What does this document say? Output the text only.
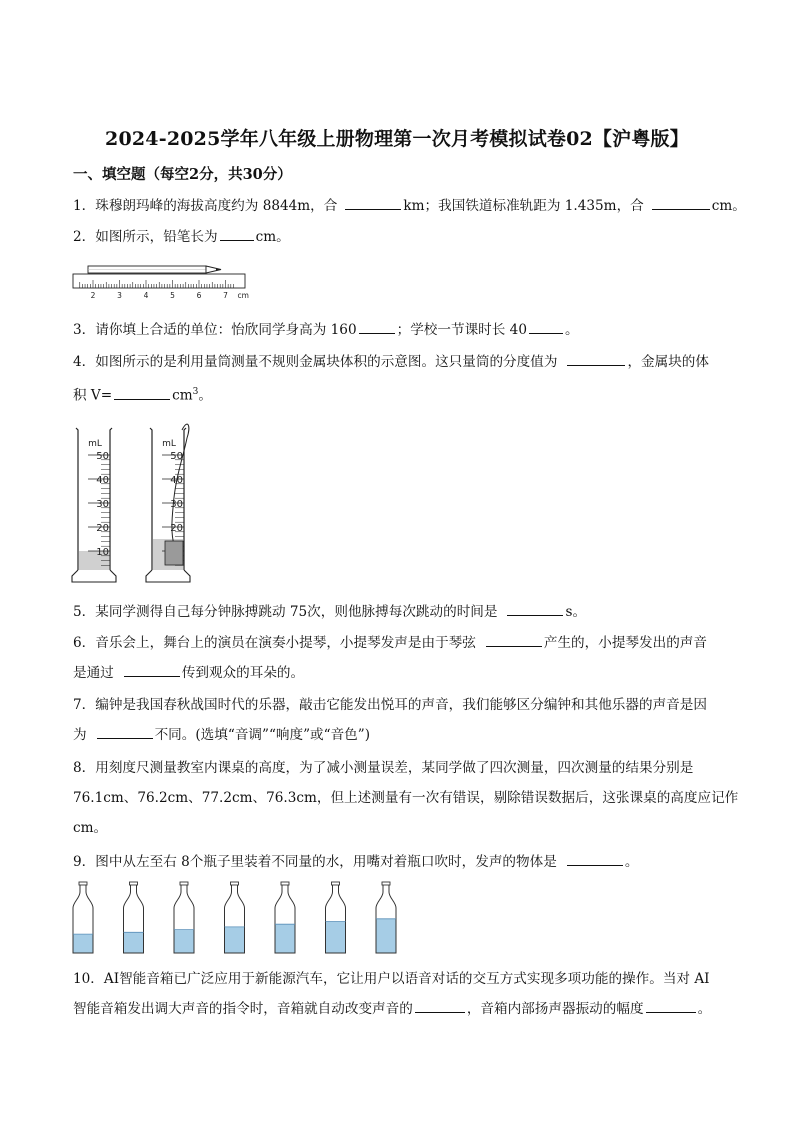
2024-2025学年八年级上册物理第一次月考模拟试卷02【沪粤版】
一、填空题（每空2分，共30分）
1．珠穆朗玛峰的海拔高度约为 8844m，合	km；我国铁道标准轨距为 1.435m，合	cm。
2．如图所示，铅笔长为	cm。
2	3	4	5	6	7 cm
3．请你填上合适的单位：怡欣同学身高为 160	；学校一节课时长 40	。
4．如图所示的是利用量筒测量不规则金属块体积的示意图。这只量筒的分度值为	，金属块的体
积 V=	$cm^3$。
mL
50
40
30
20
10
mL
50
40
30
20
5．某同学测得自己每分钟脉搏跳动 75次，则他脉搏每次跳动的时间是	s。
6．音乐会上，舞台上的演员在演奏小提琴，小提琴发声是由于琴弦	产生的，小提琴发出的声音
是通过	传到观众的耳朵的。
7．编钟是我国春秋战国时代的乐器，敲击它能发出悦耳的声音，我们能够区分编钟和其他乐器的声音是因
为	不同。(选填“音调”“响度”或“音色”)
8．用刻度尺测量教室内课桌的高度，为了减小测量误差，某同学做了四次测量，四次测量的结果分别是
76.1cm、76.2cm、77.2cm、76.3cm，但上述测量有一次有错误，剔除错误数据后，这张课桌的高度应记作
cm。
9．图中从左至右 8个瓶子里装着不同量的水，用嘴对着瓶口吹时，发声的物体是	。
10．AI智能音箱已广泛应用于新能源汽车，它让用户以语音对话的交互方式实现多项功能的操作。当对 AI
智能音箱发出调大声音的指令时，音箱就自动改变声音的	，音箱内部扬声器振动的幅度	。
